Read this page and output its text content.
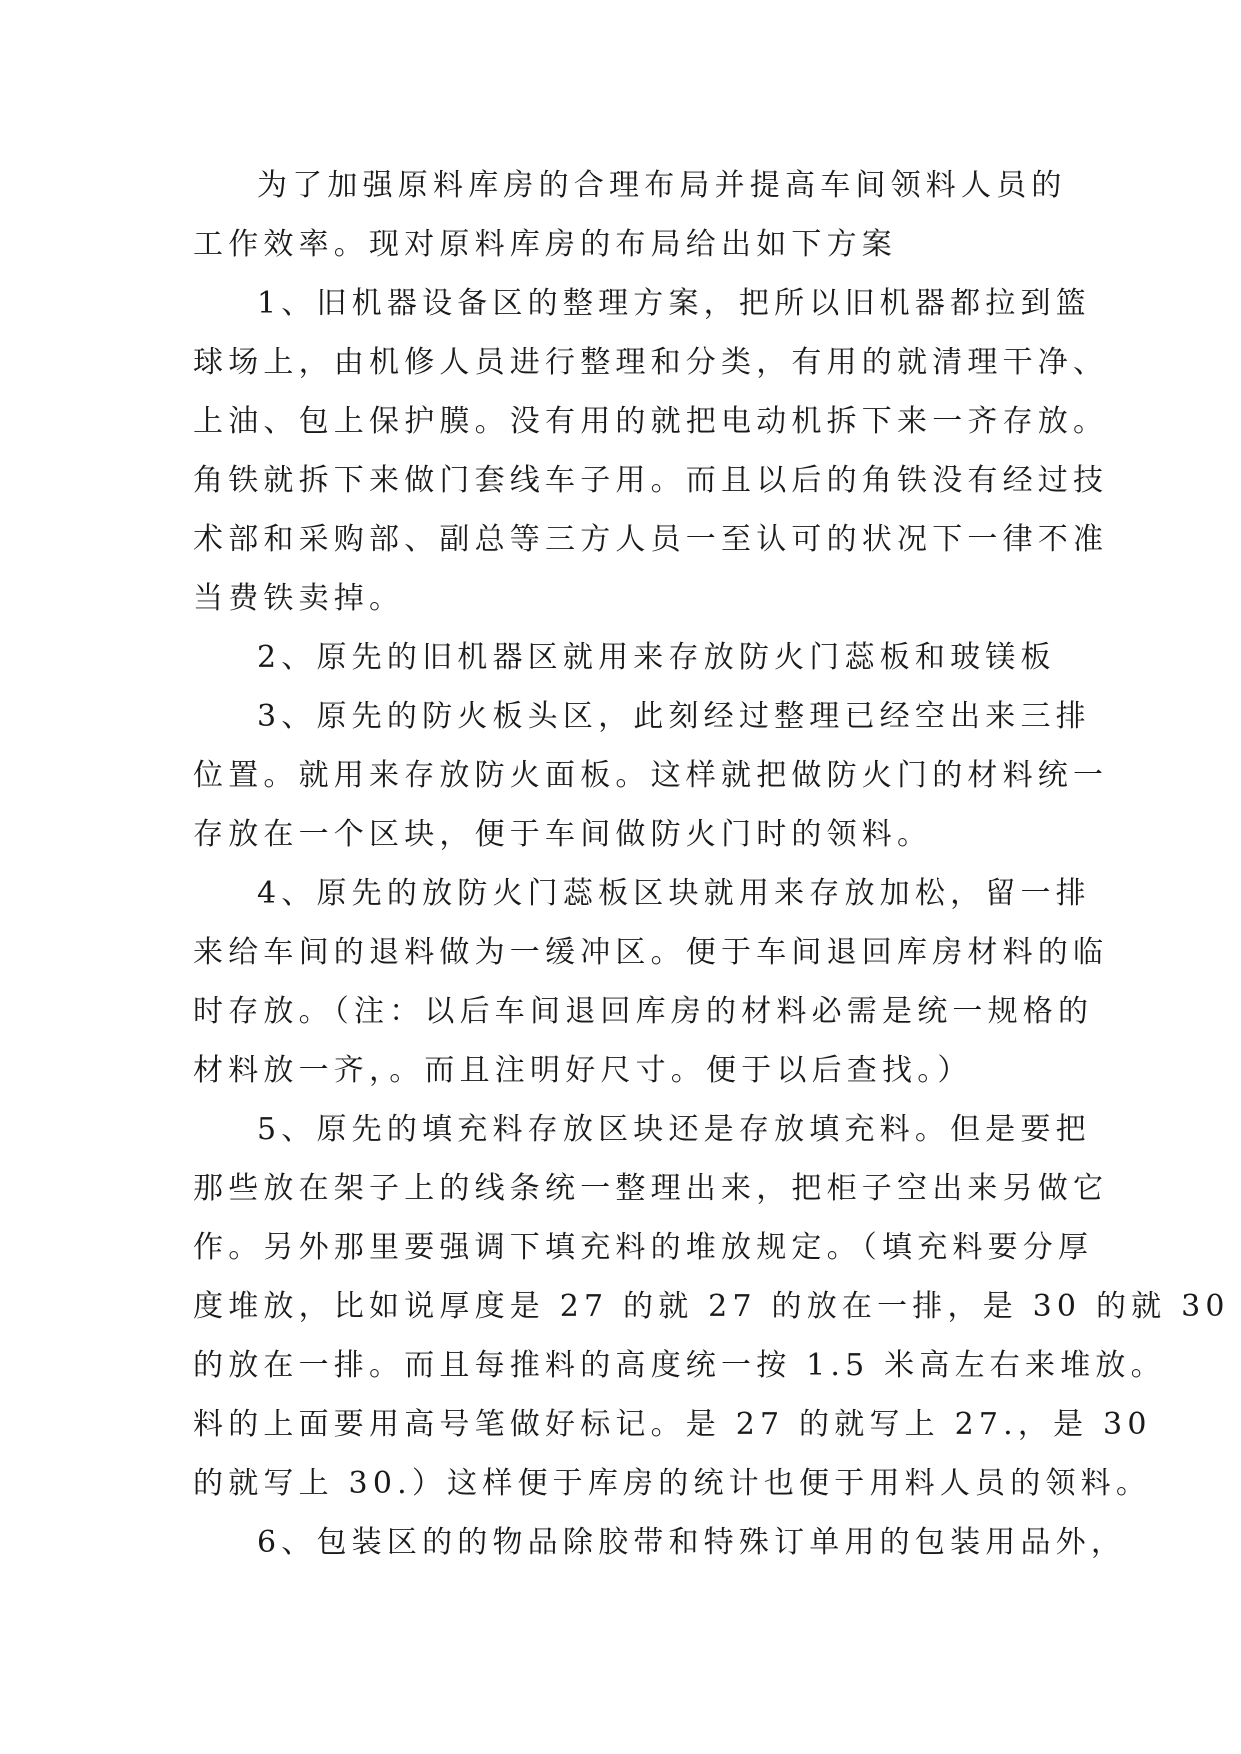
为了加强原料库房的合理布局并提高车间领料人员的
工作效率。现对原料库房的布局给出如下方案
1、旧机器设备区的整理方案，把所以旧机器都拉到篮
球场上，由机修人员进行整理和分类，有用的就清理干净、
上油、包上保护膜。没有用的就把电动机拆下来一齐存放。
角铁就拆下来做门套线车子用。而且以后的角铁没有经过技
术部和采购部、副总等三方人员一至认可的状况下一律不准
当费铁卖掉。
2、原先的旧机器区就用来存放防火门蕊板和玻镁板
3、原先的防火板头区，此刻经过整理已经空出来三排
位置。就用来存放防火面板。这样就把做防火门的材料统一
存放在一个区块，便于车间做防火门时的领料。
4、原先的放防火门蕊板区块就用来存放加松，留一排
来给车间的退料做为一缓冲区。便于车间退回库房材料的临
时存放。（注：以后车间退回库房的材料必需是统一规格的
材料放一齐，。而且注明好尺寸。便于以后查找。）
5、原先的填充料存放区块还是存放填充料。但是要把
那些放在架子上的线条统一整理出来，把柜子空出来另做它
作。另外那里要强调下填充料的堆放规定。（填充料要分厚
度堆放，比如说厚度是 27 的就 27 的放在一排，是 30 的就 30
的放在一排。而且每推料的高度统一按 1.5 米高左右来堆放。
料的上面要用高号笔做好标记。是 27 的就写上 27.，是 30
的就写上 30.）这样便于库房的统计也便于用料人员的领料。
6、包装区的的物品除胶带和特殊订单用的包装用品外，
